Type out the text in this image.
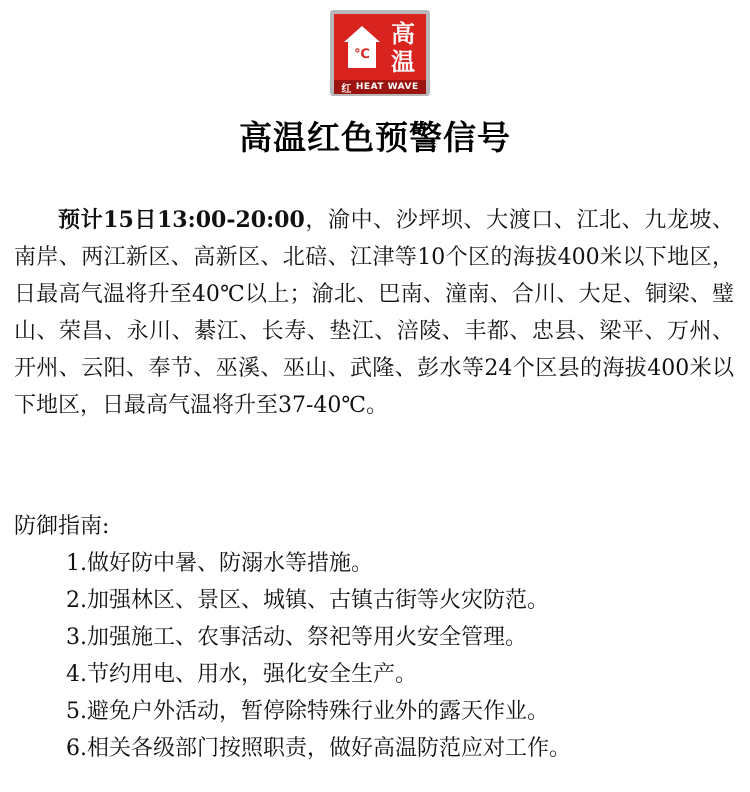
℃
高
温
红 HEAT WAVE
高温红色预警信号

预计15日13:00-20:00，渝中、沙坪坝、大渡口、江北、九龙坡、南岸、两江新区、高新区、北碚、江津等10个区的海拔400米以下地区，日最高气温将升至40℃以上；渝北、巴南、潼南、合川、大足、铜梁、璧山、荣昌、永川、綦江、长寿、垫江、涪陵、丰都、忠县、梁平、万州、开州、云阳、奉节、巫溪、巫山、武隆、彭水等24个区县的海拔400米以下地区，日最高气温将升至37-40℃。

防御指南:

1.做好防中暑、防溺水等措施。
2.加强林区、景区、城镇、古镇古街等火灾防范。
3.加强施工、农事活动、祭祀等用火安全管理。
4.节约用电、用水，强化安全生产。
5.避免户外活动，暂停除特殊行业外的露天作业。
6.相关各级部门按照职责，做好高温防范应对工作。
